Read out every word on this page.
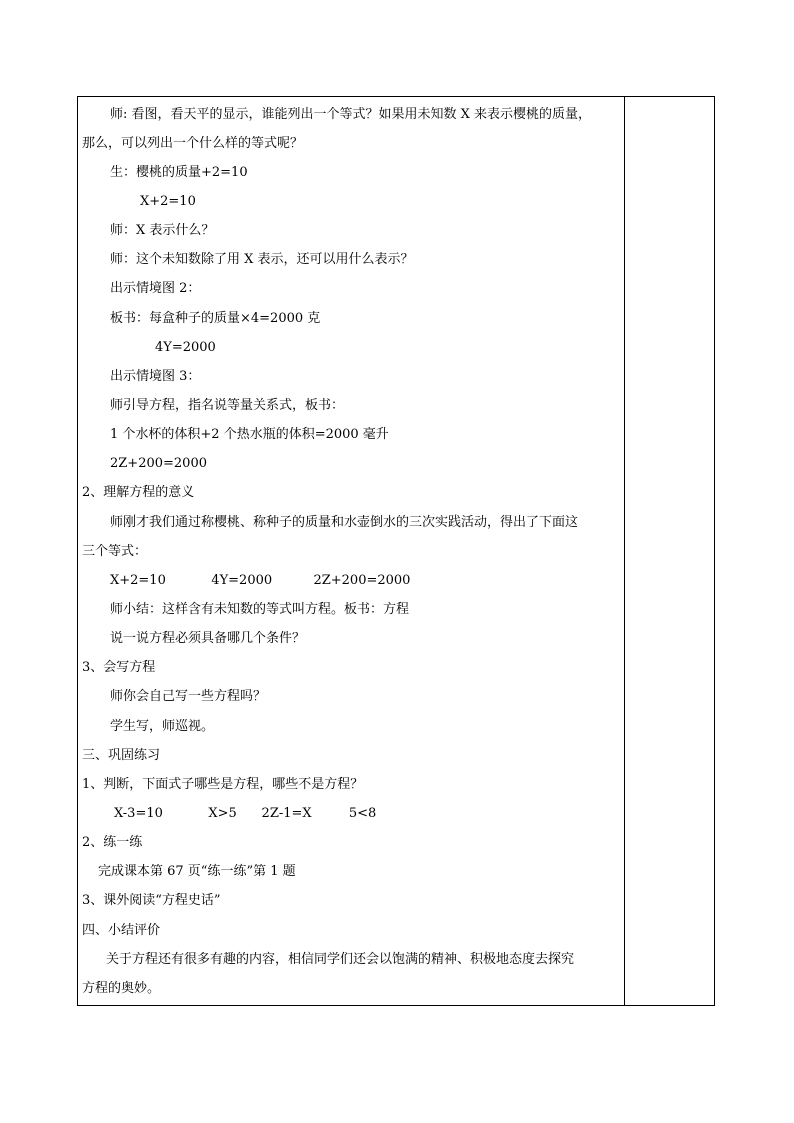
师: 看图，看天平的显示，谁能列出一个等式？如果用未知数 X 来表示樱桃的质量，
那么，可以列出一个什么样的等式呢？
生：樱桃的质量+2=10
X+2=10
师：X 表示什么？
师：这个未知数除了用 X 表示，还可以用什么表示？
出示情境图 2：
板书：每盒种子的质量×4=2000 克
4Y=2000
出示情境图 3：
师引导方程，指名说等量关系式，板书：
1 个水杯的体积+2 个热水瓶的体积=2000 毫升
2Z+200=2000
2、理解方程的意义
师刚才我们通过称樱桃、称种子的质量和水壶倒水的三次实践活动，得出了下面这
三个等式：
X+2=10           4Y=2000          2Z+200=2000
师小结：这样含有未知数的等式叫方程。板书：方程
说一说方程必须具备哪几个条件？
3、会写方程
师你会自己写一些方程吗？
学生写，师巡视。
三、巩固练习
1、判断，下面式子哪些是方程，哪些不是方程？
X-3=10           X>5      2Z-1=X         5<8
2、练一练
完成课本第 67 页“练一练”第 1 题
3、课外阅读“方程史话”
四、小结评价
关于方程还有很多有趣的内容，相信同学们还会以饱满的精神、积极地态度去探究
方程的奥妙。
